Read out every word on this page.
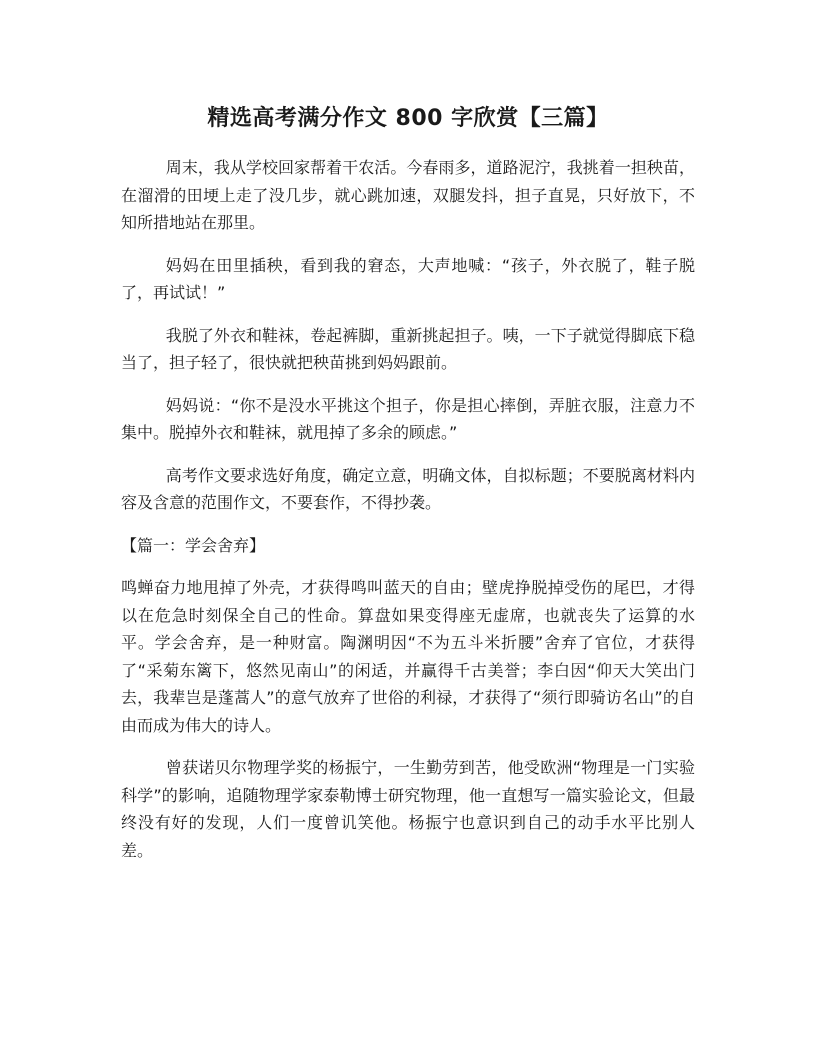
精选高考满分作文 800 字欣赏【三篇】

周末，我从学校回家帮着干农活。今春雨多，道路泥泞，我挑着一担秧苗，在溜滑的田埂上走了没几步，就心跳加速，双腿发抖，担子直晃，只好放下，不知所措地站在那里。

妈妈在田里插秧，看到我的窘态，大声地喊：“孩子，外衣脱了，鞋子脱了，再试试！”

我脱了外衣和鞋袜，卷起裤脚，重新挑起担子。咦，一下子就觉得脚底下稳当了，担子轻了，很快就把秧苗挑到妈妈跟前。

妈妈说：“你不是没水平挑这个担子，你是担心摔倒，弄脏衣服，注意力不集中。脱掉外衣和鞋袜，就甩掉了多余的顾虑。”

高考作文要求选好角度，确定立意，明确文体，自拟标题；不要脱离材料内容及含意的范围作文，不要套作，不得抄袭。

【篇一：学会舍弃】

鸣蝉奋力地甩掉了外壳，才获得鸣叫蓝天的自由；壁虎挣脱掉受伤的尾巴，才得以在危急时刻保全自己的性命。算盘如果变得座无虚席，也就丧失了运算的水平。学会舍弃，是一种财富。陶渊明因“不为五斗米折腰”舍弃了官位，才获得了“采菊东篱下，悠然见南山”的闲适，并赢得千古美誉；李白因“仰天大笑出门去，我辈岂是蓬蒿人”的意气放弃了世俗的利禄，才获得了“须行即骑访名山”的自由而成为伟大的诗人。

曾获诺贝尔物理学奖的杨振宁，一生勤劳到苦，他受欧洲“物理是一门实验科学”的影响，追随物理学家泰勒博士研究物理，他一直想写一篇实验论文，但最终没有好的发现，人们一度曾讥笑他。杨振宁也意识到自己的动手水平比别人差。
